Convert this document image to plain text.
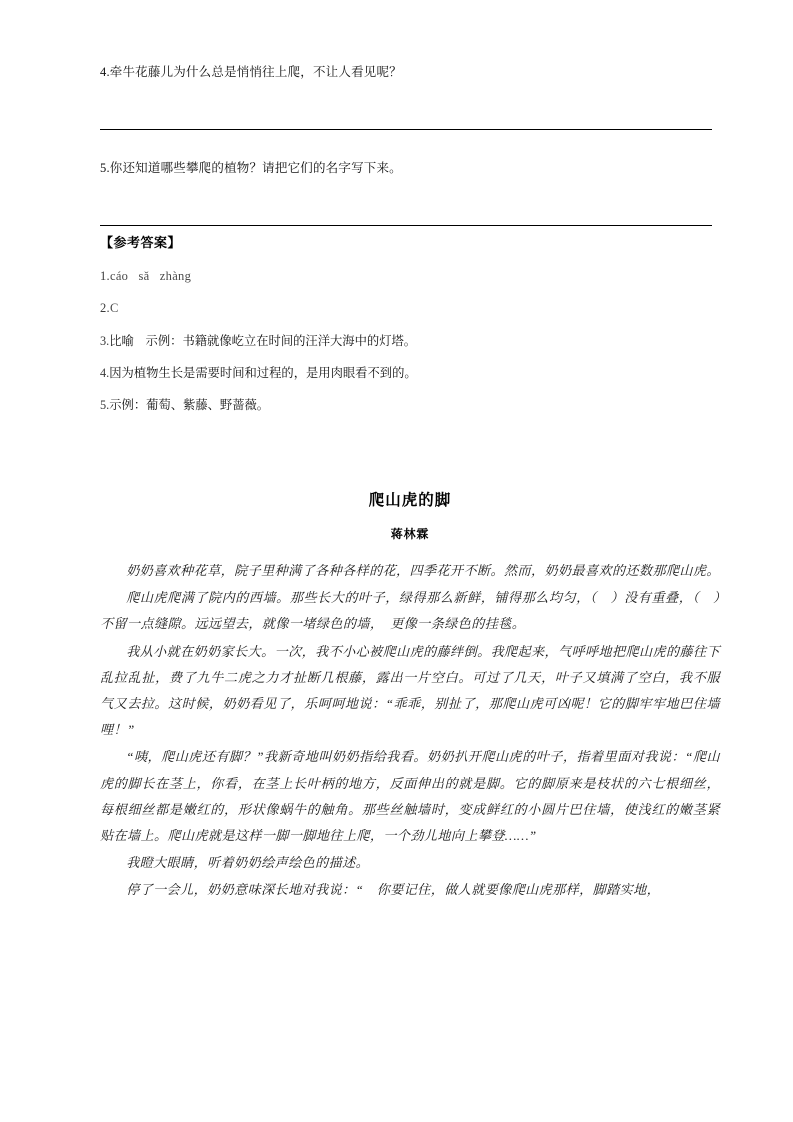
4.牵牛花藤儿为什么总是悄悄往上爬，不让人看见呢？
5.你还知道哪些攀爬的植物？请把它们的名字写下来。
【参考答案】
1.cáo   sǎ   zhàng
2.C
3.比喻   示例：书籍就像屹立在时间的汪洋大海中的灯塔。
4.因为植物生长是需要时间和过程的，是用肉眼看不到的。
5.示例：葡萄、紫藤、野蔷薇。
爬山虎的脚
蒋林霖

奶奶喜欢种花草，院子里种满了各种各样的花，四季花开不断。然而，奶奶最喜欢的还数那爬山虎。

爬山虎爬满了院内的西墙。那些长大的叶子，绿得那么新鲜，铺得那么均匀，（　）没有重叠，（　）不留一点缝隙。远远望去，就像一堵绿色的墙，　更像一条绿色的挂毯。

我从小就在奶奶家长大。一次，我不小心被爬山虎的藤绊倒。我爬起来，气呼呼地把爬山虎的藤往下乱拉乱扯，费了九牛二虎之力才扯断几根藤，露出一片空白。可过了几天，叶子又填满了空白，我不服气又去拉。这时候，奶奶看见了，乐呵呵地说：“乖乖，别扯了，那爬山虎可凶呢！它的脚牢牢地巴住墙哩！”

“咦，爬山虎还有脚？”我新奇地叫奶奶指给我看。奶奶扒开爬山虎的叶子，指着里面对我说：“爬山虎的脚长在茎上，你看，在茎上长叶柄的地方，反面伸出的就是脚。它的脚原来是枝状的六七根细丝，每根细丝都是嫩红的，形状像蜗牛的触角。那些丝触墙时，变成鲜红的小圆片巴住墙，使浅红的嫩茎紧贴在墙上。爬山虎就是这样一脚一脚地往上爬，一个劲儿地向上攀登……”

我瞪大眼睛，听着奶奶绘声绘色的描述。

停了一会儿，奶奶意味深长地对我说：“　你要记住，做人就要像爬山虎那样，脚踏实地，
